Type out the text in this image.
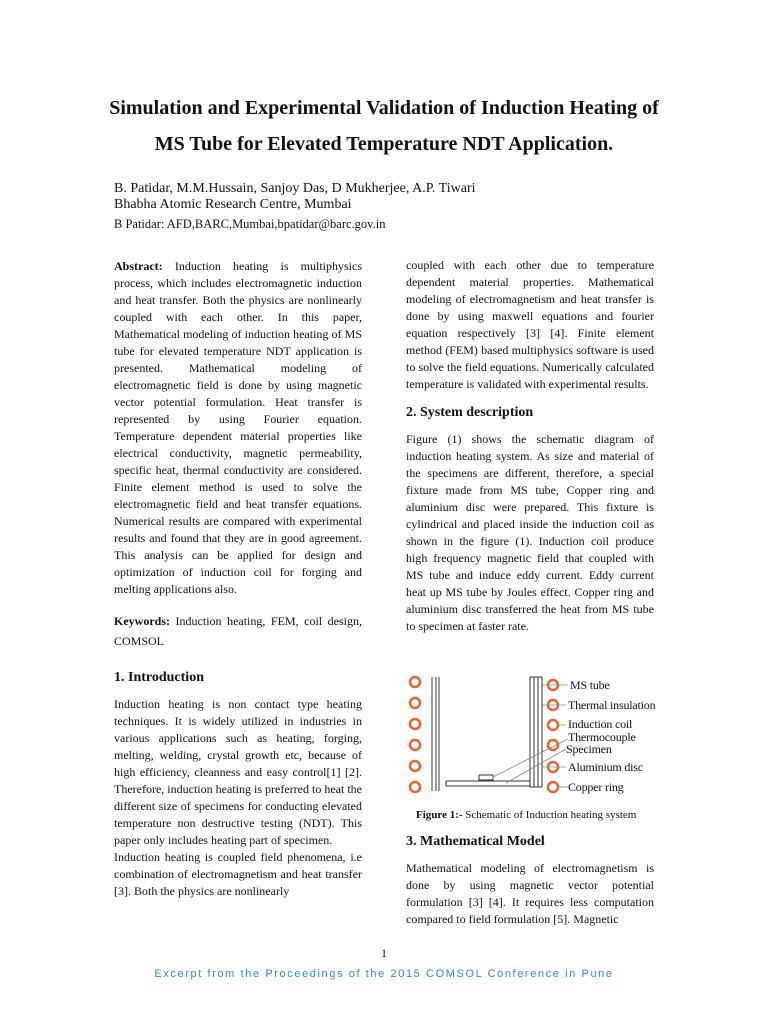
Simulation and Experimental Validation of Induction Heating of
MS Tube for Elevated Temperature NDT Application.
B. Patidar, M.M.Hussain, Sanjoy Das, D Mukherjee, A.P. Tiwari
Bhabha Atomic Research Centre, Mumbai
B Patidar: AFD,BARC,Mumbai,bpatidar@barc.gov.in

Abstract: Induction heating is multiphysics process, which includes electromagnetic induction and heat transfer. Both the physics are nonlinearly coupled with each other. In this paper, Mathematical modeling of induction heating of MS tube for elevated temperature NDT application is presented. Mathematical modeling of electromagnetic field is done by using magnetic vector potential formulation. Heat transfer is represented by using Fourier equation. Temperature dependent material properties like electrical conductivity, magnetic permeability, specific heat, thermal conductivity are considered. Finite element method is used to solve the electromagnetic field and heat transfer equations. Numerical results are compared with experimental results and found that they are in good agreement. This analysis can be applied for design and optimization of induction coil for forging and melting applications also.

Keywords: Induction heating, FEM, coil design, COMSOL

1. Introduction

Induction heating is non contact type heating techniques. It is widely utilized in industries in various applications such as heating, forging, melting, welding, crystal growth etc, because of high efficiency, cleanness and easy control[1] [2]. Therefore, induction heating is preferred to heat the different size of specimens for conducting elevated temperature non destructive testing (NDT). This paper only includes heating part of specimen.

Induction heating is coupled field phenomena, i.e combination of electromagnetism and heat transfer [3]. Both the physics are nonlinearly

coupled with each other due to temperature dependent material properties. Mathematical modeling of electromagnetism and heat transfer is done by using maxwell equations and fourier equation respectively [3] [4]. Finite element method (FEM) based multiphysics software is used to solve the field equations. Numerically calculated temperature is validated with experimental results.

2. System description

Figure (1) shows the schematic diagram of induction heating system. As size and material of the specimens are different, therefore, a special fixture made from MS tube, Copper ring and aluminium disc were prepared. This fixture is cylindrical and placed inside the induction coil as shown in the figure (1). Induction coil produce high frequency magnetic field that coupled with MS tube and induce eddy current. Eddy current heat up MS tube by Joules effect. Copper ring and aluminium disc transferred the heat from MS tube to specimen at faster rate.

MS tube
Thermal insulation
Induction coil
Thermocouple
Specimen
Aluminium disc
Copper ring
Figure 1:- Schematic of Induction heating system
3. Mathematical Model

Mathematical modeling of electromagnetism is done by using magnetic vector potential formulation [3] [4]. It requires less computation compared to field formulation [5]. Magnetic

1
Excerpt from the Proceedings of the 2015 COMSOL Conference in Pune
